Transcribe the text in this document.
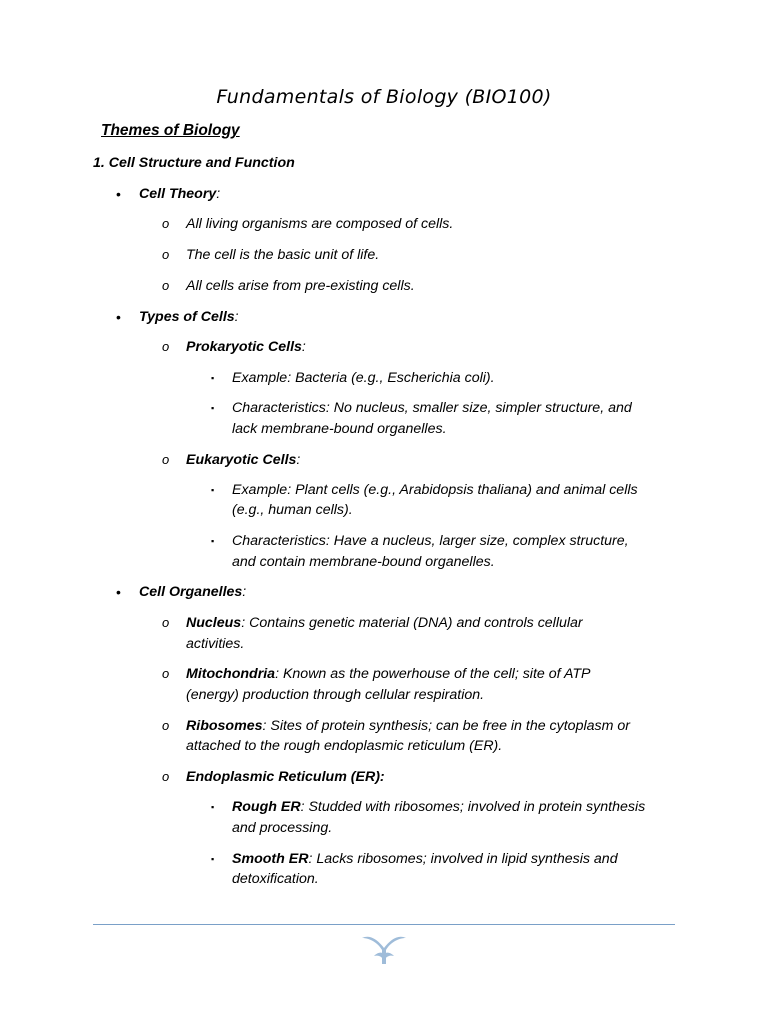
Fundamentals of Biology (BIO100)
Themes of Biology
1. Cell Structure and Function
• Cell Theory:
o All living organisms are composed of cells.
o The cell is the basic unit of life.
o All cells arise from pre-existing cells.
• Types of Cells:
o Prokaryotic Cells:
▪ Example: Bacteria (e.g., Escherichia coli).
▪ Characteristics: No nucleus, smaller size, simpler structure, and
lack membrane-bound organelles.
o Eukaryotic Cells:
▪ Example: Plant cells (e.g., Arabidopsis thaliana) and animal cells
(e.g., human cells).
▪ Characteristics: Have a nucleus, larger size, complex structure,
and contain membrane-bound organelles.
• Cell Organelles:
o Nucleus: Contains genetic material (DNA) and controls cellular
activities.
o Mitochondria: Known as the powerhouse of the cell; site of ATP
(energy) production through cellular respiration.
o Ribosomes: Sites of protein synthesis; can be free in the cytoplasm or
attached to the rough endoplasmic reticulum (ER).
o Endoplasmic Reticulum (ER):
▪ Rough ER: Studded with ribosomes; involved in protein synthesis
and processing.
▪ Smooth ER: Lacks ribosomes; involved in lipid synthesis and
detoxification.
